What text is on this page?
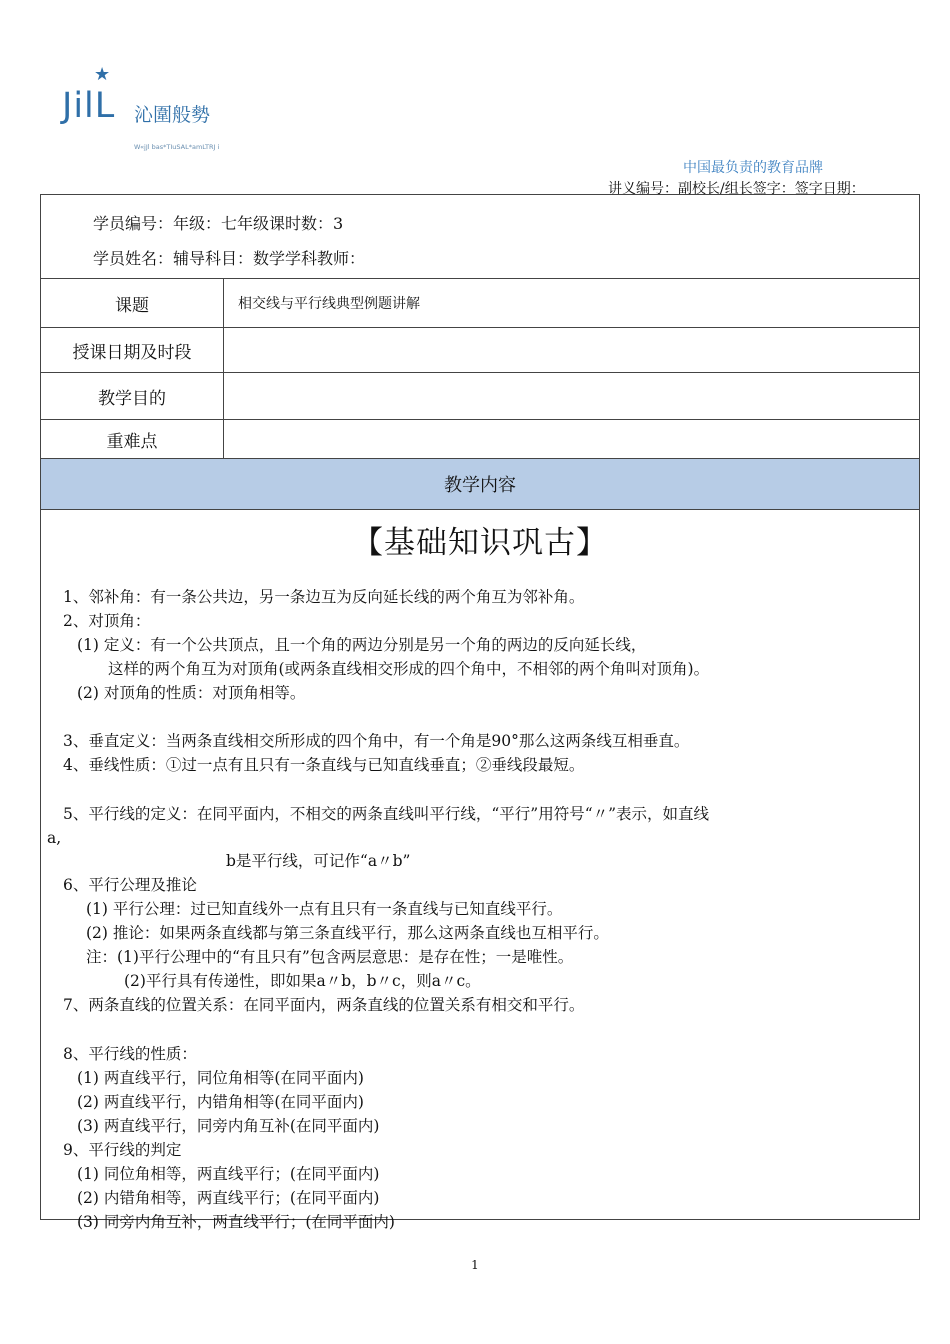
★
JilL 沁圍般勢
W«jJl bas*TIuSAL*amLTRJ ⅰ
中国最负责的教育品牌
讲义编号：副校长/组长签字：签字日期：
学员编号：年级：七年级课时数：3
学员姓名：辅导科目：数学学科教师：
课题	相交线与平行线典型例题讲解
授课日期及时段
教学目的
重难点
教学内容
【基础知识巩古】
1、邻补角：有一条公共边，另一条边互为反向延长线的两个角互为邻补角。
2、对顶角：
(1) 定义：有一个公共顶点，且一个角的两边分别是另一个角的两边的反向延长线，
这样的两个角互为对顶角(或两条直线相交形成的四个角中，不相邻的两个角叫对顶角)。
(2) 对顶角的性质：对顶角相等。
3、垂直定义：当两条直线相交所形成的四个角中，有一个角是90°那么这两条线互相垂直。
4、垂线性质：①过一点有且只有一条直线与已知直线垂直；②垂线段最短。
5、平行线的定义：在同平面内，不相交的两条直线叫平行线，“平行”用符号“〃”表示，如直线
a,
b是平行线，可记作“a〃b”
6、平行公理及推论
(1) 平行公理：过已知直线外一点有且只有一条直线与已知直线平行。
(2) 推论：如果两条直线都与第三条直线平行，那么这两条直线也互相平行。
注：(1)平行公理中的“有且只有”包含两层意思：是存在性；一是唯性。
(2)平行具有传递性，即如果a〃b，b〃c，则a〃c。
7、两条直线的位置关系：在同平面内，两条直线的位置关系有相交和平行。
8、平行线的性质：
(1) 两直线平行，同位角相等(在同平面内)
(2) 两直线平行，内错角相等(在同平面内)
(3) 两直线平行，同旁内角互补(在同平面内)
9、平行线的判定
(1) 同位角相等，两直线平行；(在同平面内)
(2) 内错角相等，两直线平行；(在同平面内)
(3) 同旁内角互补，两直线平行；(在同平面内)
1
